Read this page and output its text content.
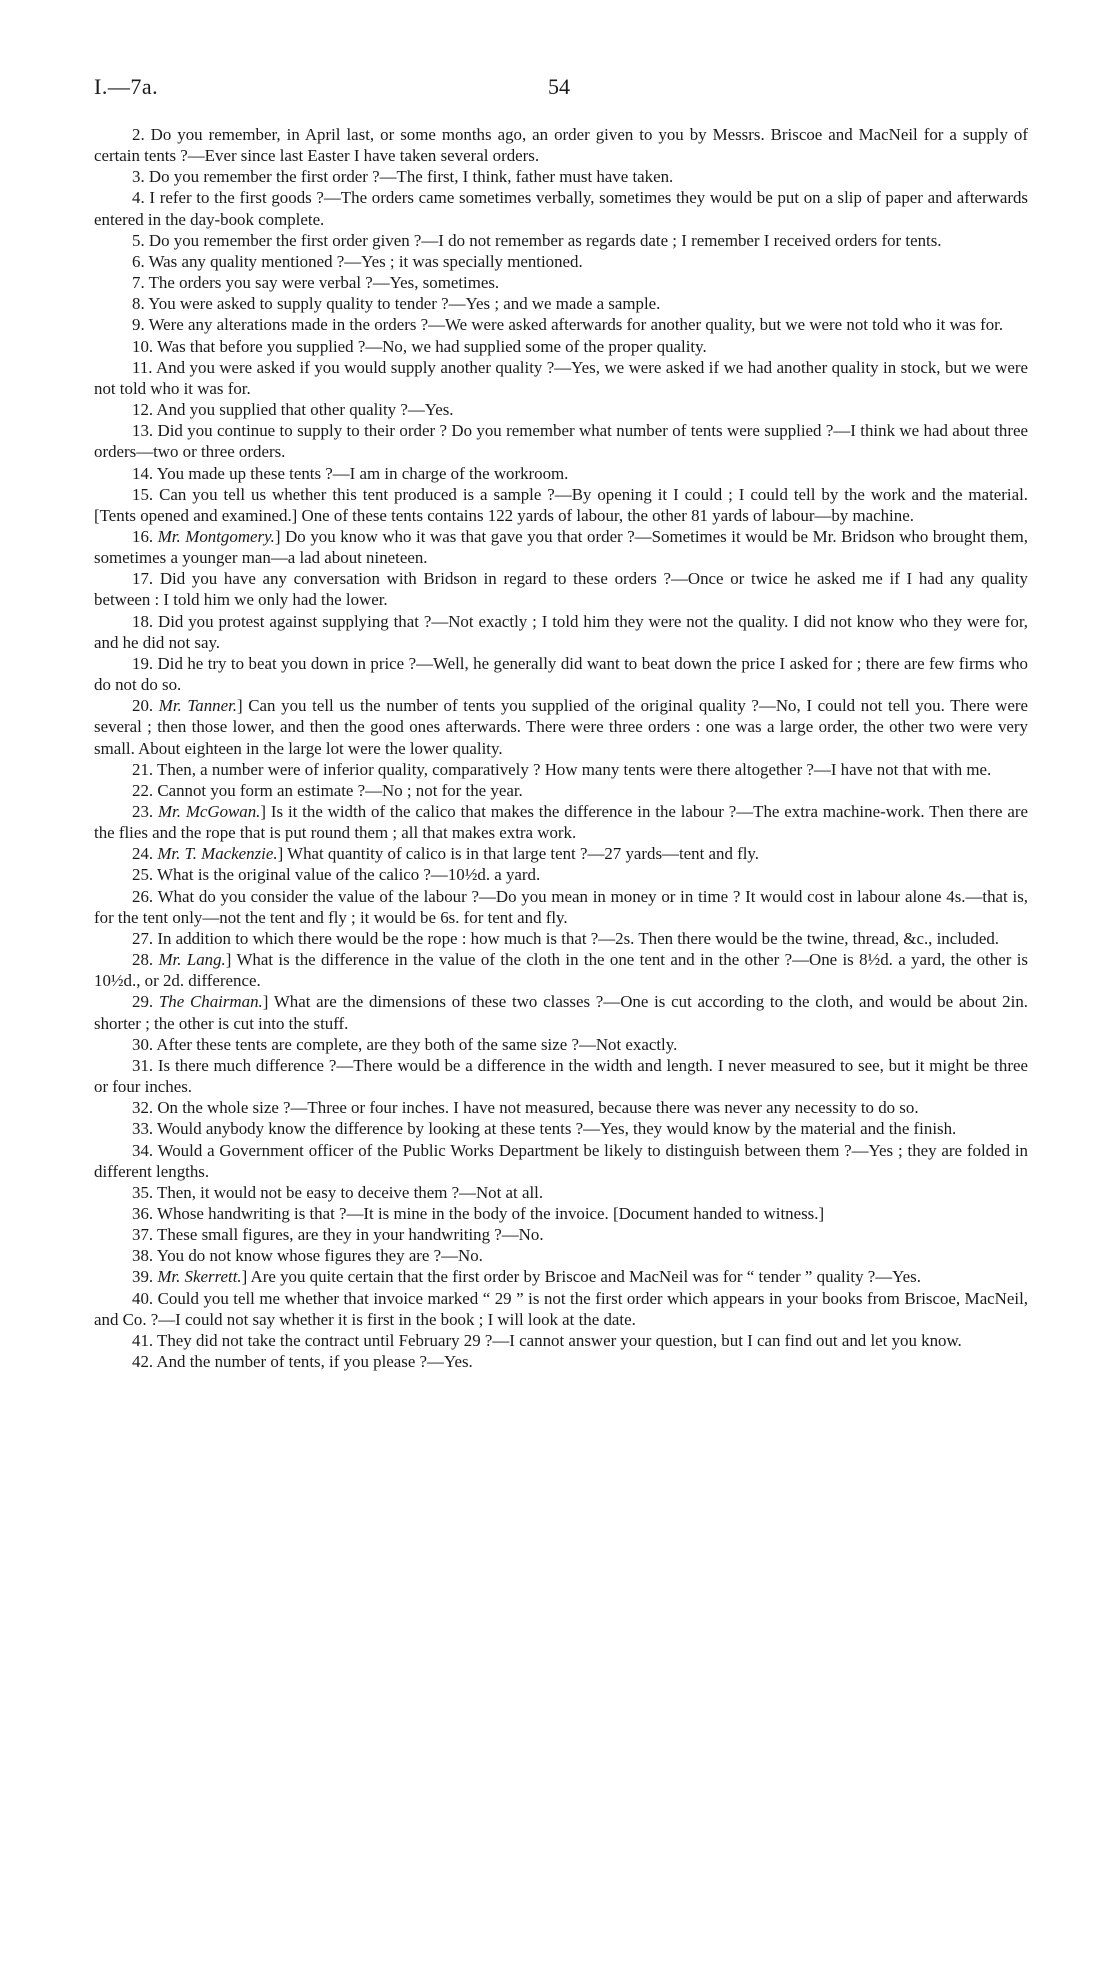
I.—7a.	54

2. Do you remember, in April last, or some months ago, an order given to you by Messrs. Briscoe and MacNeil for a supply of certain tents ?—Ever since last Easter I have taken several orders.

3. Do you remember the first order ?—The first, I think, father must have taken.

4. I refer to the first goods ?—The orders came sometimes verbally, sometimes they would be put on a slip of paper and afterwards entered in the day-book complete.

5. Do you remember the first order given ?—I do not remember as regards date ; I remember I received orders for tents.

6. Was any quality mentioned ?—Yes ; it was specially mentioned.

7. The orders you say were verbal ?—Yes, sometimes.

8. You were asked to supply quality to tender ?—Yes ; and we made a sample.

9. Were any alterations made in the orders ?—We were asked afterwards for another quality, but we were not told who it was for.

10. Was that before you supplied ?—No, we had supplied some of the proper quality.

11. And you were asked if you would supply another quality ?—Yes, we were asked if we had another quality in stock, but we were not told who it was for.

12. And you supplied that other quality ?—Yes.

13. Did you continue to supply to their order ? Do you remember what number of tents were supplied ?—I think we had about three orders—two or three orders.

14. You made up these tents ?—I am in charge of the workroom.

15. Can you tell us whether this tent produced is a sample ?—By opening it I could ; I could tell by the work and the material. [Tents opened and examined.] One of these tents contains 122 yards of labour, the other 81 yards of labour—by machine.

16. Mr. Montgomery.] Do you know who it was that gave you that order ?—Sometimes it would be Mr. Bridson who brought them, sometimes a younger man—a lad about nineteen.

17. Did you have any conversation with Bridson in regard to these orders ?—Once or twice he asked me if I had any quality between : I told him we only had the lower.

18. Did you protest against supplying that ?—Not exactly ; I told him they were not the quality. I did not know who they were for, and he did not say.

19. Did he try to beat you down in price ?—Well, he generally did want to beat down the price I asked for ; there are few firms who do not do so.

20. Mr. Tanner.] Can you tell us the number of tents you supplied of the original quality ?—No, I could not tell you. There were several ; then those lower, and then the good ones afterwards. There were three orders : one was a large order, the other two were very small. About eighteen in the large lot were the lower quality.

21. Then, a number were of inferior quality, comparatively ? How many tents were there altogether ?—I have not that with me.

22. Cannot you form an estimate ?—No ; not for the year.

23. Mr. McGowan.] Is it the width of the calico that makes the difference in the labour ?—The extra machine-work. Then there are the flies and the rope that is put round them ; all that makes extra work.

24. Mr. T. Mackenzie.] What quantity of calico is in that large tent ?—27 yards—tent and fly.

25. What is the original value of the calico ?—10½d. a yard.

26. What do you consider the value of the labour ?—Do you mean in money or in time ? It would cost in labour alone 4s.—that is, for the tent only—not the tent and fly ; it would be 6s. for tent and fly.

27. In addition to which there would be the rope : how much is that ?—2s. Then there would be the twine, thread, &c., included.

28. Mr. Lang.] What is the difference in the value of the cloth in the one tent and in the other ?—One is 8½d. a yard, the other is 10½d., or 2d. difference.

29. The Chairman.] What are the dimensions of these two classes ?—One is cut according to the cloth, and would be about 2in. shorter ; the other is cut into the stuff.

30. After these tents are complete, are they both of the same size ?—Not exactly.

31. Is there much difference ?—There would be a difference in the width and length. I never measured to see, but it might be three or four inches.

32. On the whole size ?—Three or four inches. I have not measured, because there was never any necessity to do so.

33. Would anybody know the difference by looking at these tents ?—Yes, they would know by the material and the finish.

34. Would a Government officer of the Public Works Department be likely to distinguish between them ?—Yes ; they are folded in different lengths.

35. Then, it would not be easy to deceive them ?—Not at all.

36. Whose handwriting is that ?—It is mine in the body of the invoice. [Document handed to witness.]

37. These small figures, are they in your handwriting ?—No.

38. You do not know whose figures they are ?—No.

39. Mr. Skerrett.] Are you quite certain that the first order by Briscoe and MacNeil was for “ tender ” quality ?—Yes.

40. Could you tell me whether that invoice marked “ 29 ” is not the first order which appears in your books from Briscoe, MacNeil, and Co. ?—I could not say whether it is first in the book ; I will look at the date.

41. They did not take the contract until February 29 ?—I cannot answer your question, but I can find out and let you know.

42. And the number of tents, if you please ?—Yes.
